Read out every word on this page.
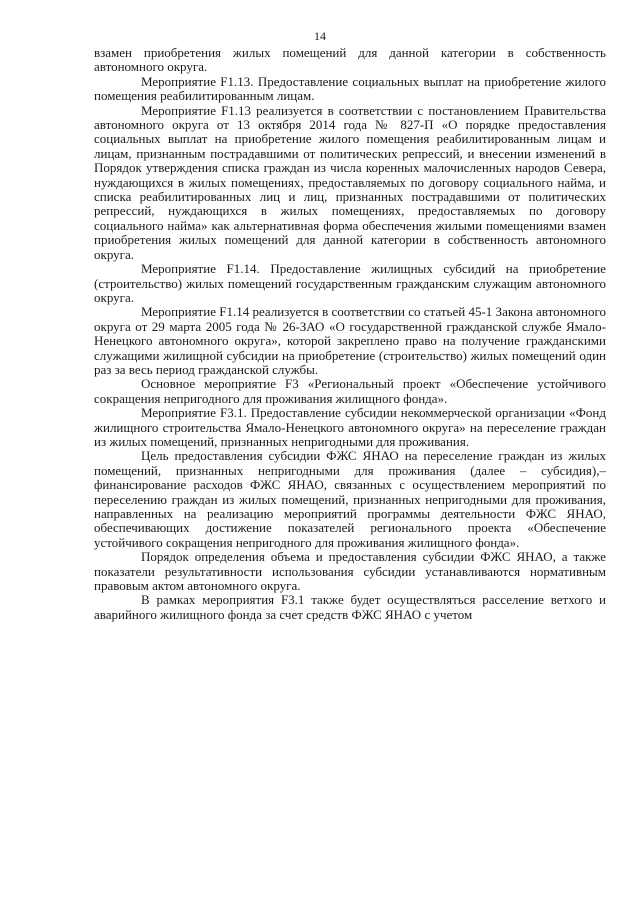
14

взамен приобретения жилых помещений для данной категории в собственность автономного округа.

Мероприятие F1.13. Предоставление социальных выплат на приобретение жилого помещения реабилитированным лицам.

Мероприятие F1.13 реализуется в соответствии с постановлением Правительства автономного округа от 13 октября 2014 года № 827-П «О порядке предоставления социальных выплат на приобретение жилого помещения реабилитированным лицам и лицам, признанным пострадавшими от политических репрессий, и внесении изменений в Порядок утверждения списка граждан из числа коренных малочисленных народов Севера, нуждающихся в жилых помещениях, предоставляемых по договору социального найма, и списка реабилитированных лиц и лиц, признанных пострадавшими от политических репрессий, нуждающихся в жилых помещениях, предоставляемых по договору социального найма» как альтернативная форма обеспечения жилыми помещениями взамен приобретения жилых помещений для данной категории в собственность автономного округа.

Мероприятие F1.14. Предоставление жилищных субсидий на приобретение (строительство) жилых помещений государственным гражданским служащим автономного округа.

Мероприятие F1.14 реализуется в соответствии со статьей 45-1 Закона автономного округа от 29 марта 2005 года № 26-ЗАО «О государственной гражданской службе Ямало-Ненецкого автономного округа», которой закреплено право на получение гражданскими служащими жилищной субсидии на приобретение (строительство) жилых помещений один раз за весь период гражданской службы.

Основное мероприятие F3 «Региональный проект «Обеспечение устойчивого сокращения непригодного для проживания жилищного фонда».

Мероприятие F3.1. Предоставление субсидии некоммерческой организации «Фонд жилищного строительства Ямало-Ненецкого автономного округа» на переселение граждан из жилых помещений, признанных непригодными для проживания.

Цель предоставления субсидии ФЖС ЯНАО на переселение граждан из жилых помещений, признанных непригодными для проживания (далее – субсидия),– финансирование расходов ФЖС ЯНАО, связанных с осуществлением мероприятий по переселению граждан из жилых помещений, признанных непригодными для проживания, направленных на реализацию мероприятий программы деятельности ФЖС ЯНАО, обеспечивающих достижение показателей регионального проекта «Обеспечение устойчивого сокращения непригодного для проживания жилищного фонда».

Порядок определения объема и предоставления субсидии ФЖС ЯНАО, а также показатели результативности использования субсидии устанавливаются нормативным правовым актом автономного округа.

В рамках мероприятия F3.1 также будет осуществляться расселение ветхого и аварийного жилищного фонда за счет средств ФЖС ЯНАО с учетом
